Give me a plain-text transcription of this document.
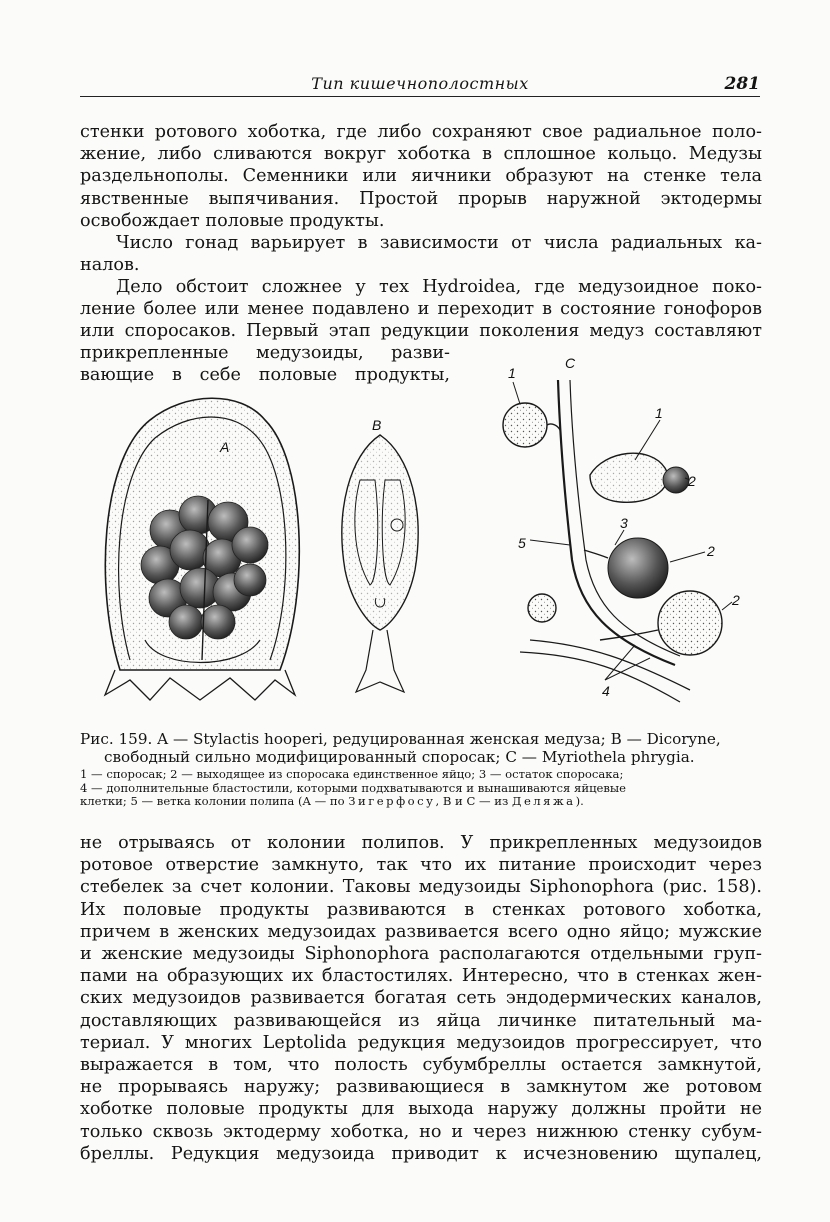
Тип кишечнополостных	281

стенки ротового хоботка, где либо сохраняют свое радиальное поло-
жение, либо сливаются вокруг хоботка в сплошное кольцо. Медузы
раздельнополы. Семенники или яичники образуют на стенке тела
явственные выпячивания. Простой прорыв наружной эктодермы
освобождает половые продукты.

Число гонад варьирует в зависимости от числа радиальных ка-
налов.

Дело обстоит сложнее у тех Hydroidea, где медузоидное поко-
ление более или менее подавлено и переходит в состояние гонофоров
или спороcаков. Первый этап редукции поколения медуз составляют

прикрепленные медузоиды, разви-
вающие в себе половые продукты,
A
B
C
1
1
2
2
2
3
4
5

Рис. 159. A — Stylactis hooperi, редуцированная женская медуза; B — Dicoryne,
свободный сильно модифицированный спороcак; C — Myriothela phrygia.

1 — спороcак; 2 — выходящее из спороcака единственное яйцо; 3 — остаток спороcака;
4 — дополнительные бластостили, которыми подхватываются и вынашиваются яйцевые
клетки; 5 — ветка колонии полипа (A — по Зигерфосу, B и C — из Деляжа).

не отрываясь от колонии полипов. У прикрепленных медузоидов
ротовое отверстие замкнуто, так что их питание происходит через
стебелек за счет колонии. Таковы медузоиды Siphonophora (рис. 158).
Их половые продукты развиваются в стенках ротового хоботка,
причем в женских медузоидах развивается всего одно яйцо; мужские
и женские медузоиды Siphonophora располагаются отдельными груп-
пами на образующих их бластостилях. Интересно, что в стенках жен-
ских медузоидов развивается богатая сеть эндодермических каналов,
доставляющих развивающейся из яйца личинке питательный ма-
териал. У многих Leptolida редукция медузоидов прогрессирует, что
выражается в том, что полость субумбреллы остается замкнутой,
не прорываясь наружу; развивающиеся в замкнутом же ротовом
хоботке половые продукты для выхода наружу должны пройти не
только сквозь эктодерму хоботка, но и через нижнюю стенку субум-
бреллы. Редукция медузоида приводит к исчезновению щупалец,
